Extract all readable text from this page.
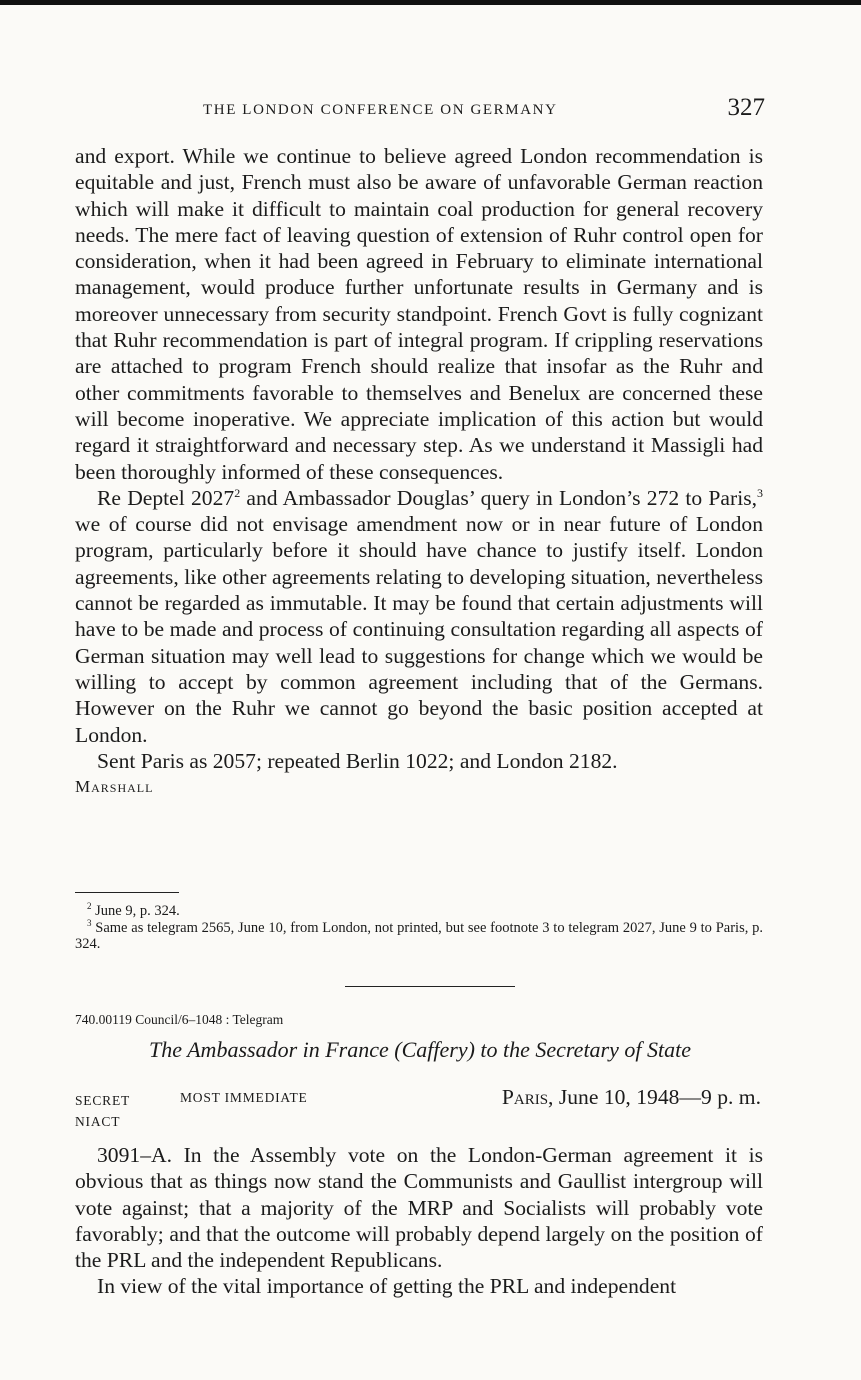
THE LONDON CONFERENCE ON GERMANY	327

and export. While we continue to believe agreed London recommendation is equitable and just, French must also be aware of unfavorable German reaction which will make it difficult to maintain coal production for general recovery needs. The mere fact of leaving question of extension of Ruhr control open for consideration, when it had been agreed in February to eliminate international management, would produce further unfortunate results in Germany and is moreover unnecessary from security standpoint. French Govt is fully cognizant that Ruhr recommendation is part of integral program. If crippling reservations are attached to program French should realize that insofar as the Ruhr and other commitments favorable to themselves and Benelux are concerned these will become inoperative. We appreciate implication of this action but would regard it straightforward and necessary step. As we understand it Massigli had been thoroughly informed of these consequences.

Re Deptel 2027$^2$ and Ambassador Douglas’ query in London’s 272 to Paris,$^3$ we of course did not envisage amendment now or in near future of London program, particularly before it should have chance to justify itself. London agreements, like other agreements relating to developing situation, nevertheless cannot be regarded as immutable. It may be found that certain adjustments will have to be made and process of continuing consultation regarding all aspects of German situation may well lead to suggestions for change which we would be willing to accept by common agreement including that of the Germans. However on the Ruhr we cannot go beyond the basic position accepted at London.

Sent Paris as 2057; repeated Berlin 1022; and London 2182.

Marshall

$^2$ June 9, p. 324.

$^3$ Same as telegram 2565, June 10, from London, not printed, but see footnote 3 to telegram 2027, June 9 to Paris, p. 324.

740.00119 Council/6–1048 : Telegram
The Ambassador in France (Caffery) to the Secretary of State
SECRET
NIACT
MOST IMMEDIATE	Paris, June 10, 1948—9 p. m.

3091–A. In the Assembly vote on the London-German agreement it is obvious that as things now stand the Communists and Gaullist intergroup will vote against; that a majority of the MRP and Socialists will probably vote favorably; and that the outcome will probably depend largely on the position of the PRL and the independent Republicans.

In view of the vital importance of getting the PRL and independent
